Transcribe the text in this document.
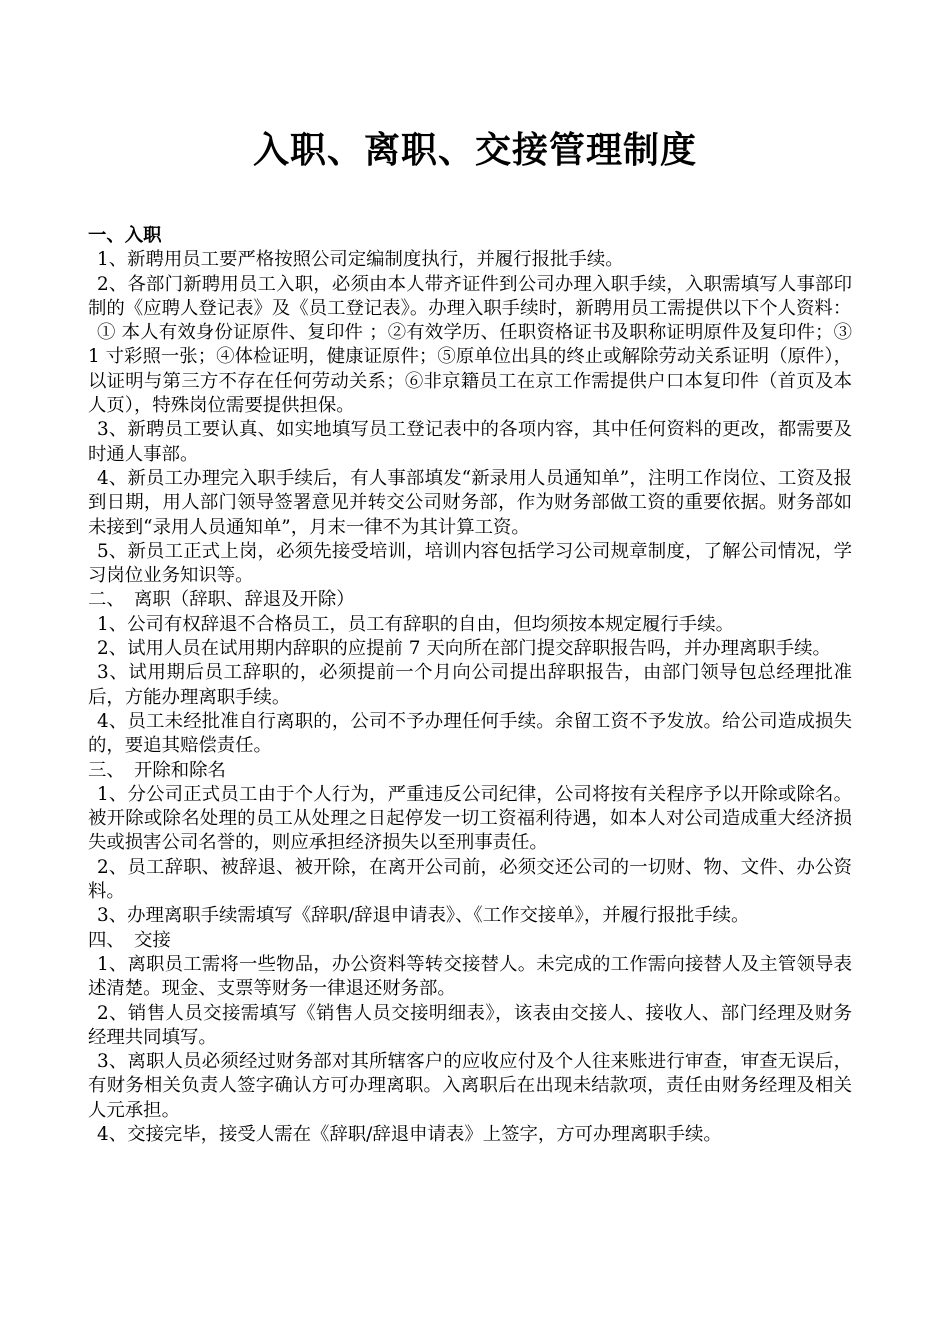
入职、离职、交接管理制度

一、入职

1、新聘用员工要严格按照公司定编制度执行，并履行报批手续。

2、各部门新聘用员工入职，必须由本人带齐证件到公司办理入职手续，入职需填写人事部印制的《应聘人登记表》及《员工登记表》。办理入职手续时，新聘用员工需提供以下个人资料：

① 本人有效身份证原件、复印件 ；②有效学历、任职资格证书及职称证明原件及复印件；③ 1 寸彩照一张；④体检证明，健康证原件；⑤原单位出具的终止或解除劳动关系证明（原件），以证明与第三方不存在任何劳动关系；⑥非京籍员工在京工作需提供户口本复印件（首页及本人页），特殊岗位需要提供担保。

3、新聘员工要认真、如实地填写员工登记表中的各项内容，其中任何资料的更改，都需要及时通人事部。

4、新员工办理完入职手续后，有人事部填发“新录用人员通知单”，注明工作岗位、工资及报到日期，用人部门领导签署意见并转交公司财务部，作为财务部做工资的重要依据。财务部如未接到“录用人员通知单”，月末一律不为其计算工资。

5、新员工正式上岗，必须先接受培训，培训内容包括学习公司规章制度，了解公司情况，学习岗位业务知识等。

二、　离职（辞职、辞退及开除）

1、公司有权辞退不合格员工，员工有辞职的自由，但均须按本规定履行手续。

2、试用人员在试用期内辞职的应提前 7 天向所在部门提交辞职报告吗，并办理离职手续。

3、试用期后员工辞职的，必须提前一个月向公司提出辞职报告，由部门领导包总经理批准后，方能办理离职手续。

4、员工未经批准自行离职的，公司不予办理任何手续。余留工资不予发放。给公司造成损失的，要追其赔偿责任。

三、　开除和除名

1、分公司正式员工由于个人行为，严重违反公司纪律，公司将按有关程序予以开除或除名。被开除或除名处理的员工从处理之日起停发一切工资福利待遇，如本人对公司造成重大经济损失或损害公司名誉的，则应承担经济损失以至刑事责任。

2、员工辞职、被辞退、被开除，在离开公司前，必须交还公司的一切财、物、文件、办公资料。

3、办理离职手续需填写《辞职/辞退申请表》、《工作交接单》，并履行报批手续。

四、　交接

1、离职员工需将一些物品，办公资料等转交接替人。未完成的工作需向接替人及主管领导表述清楚。现金、支票等财务一律退还财务部。

2、销售人员交接需填写《销售人员交接明细表》，该表由交接人、接收人、部门经理及财务经理共同填写。

3、离职人员必须经过财务部对其所辖客户的应收应付及个人往来账进行审查，审查无误后，有财务相关负责人签字确认方可办理离职。入离职后在出现未结款项，责任由财务经理及相关人元承担。

4、交接完毕，接受人需在《辞职/辞退申请表》上签字，方可办理离职手续。
